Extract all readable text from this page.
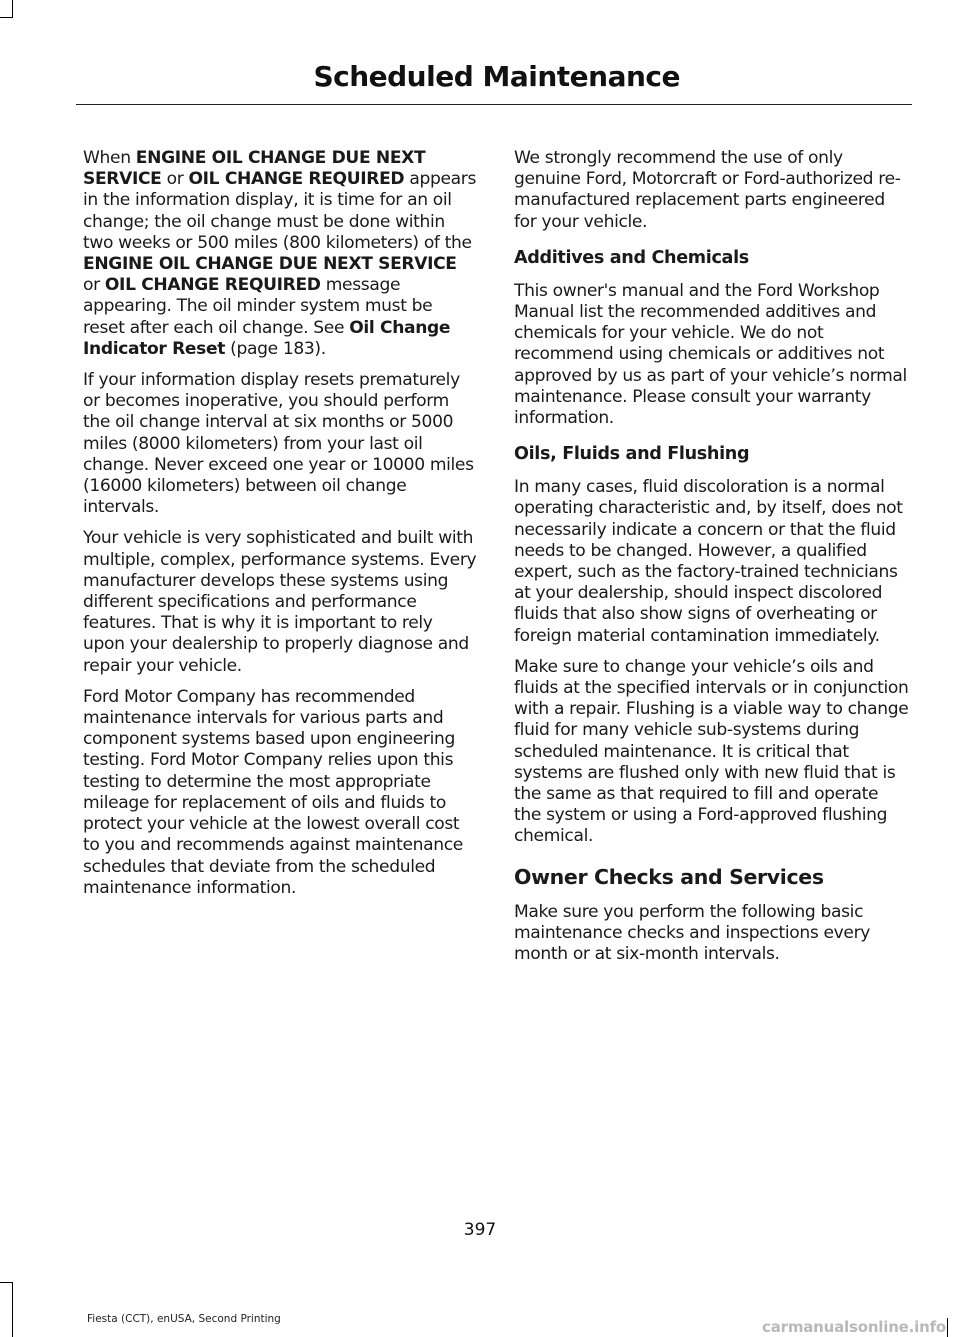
Scheduled Maintenance

When ENGINE OIL CHANGE DUE NEXT SERVICE or OIL CHANGE REQUIRED appears in the information display, it is time for an oil change; the oil change must be done within two weeks or 500 miles (800 kilometers) of the ENGINE OIL CHANGE DUE NEXT SERVICE or OIL CHANGE REQUIRED message appearing. The oil minder system must be reset after each oil change. See Oil Change Indicator Reset (page 183).

If your information display resets prematurely or becomes inoperative, you should perform the oil change interval at six months or 5000 miles (8000 kilometers) from your last oil change. Never exceed one year or 10000 miles (16000 kilometers) between oil change intervals.

Your vehicle is very sophisticated and built with multiple, complex, performance systems. Every manufacturer develops these systems using different specifications and performance features. That is why it is important to rely upon your dealership to properly diagnose and repair your vehicle.

Ford Motor Company has recommended maintenance intervals for various parts and component systems based upon engineering testing. Ford Motor Company relies upon this testing to determine the most appropriate mileage for replacement of oils and fluids to protect your vehicle at the lowest overall cost to you and recommends against maintenance schedules that deviate from the scheduled maintenance information.

We strongly recommend the use of only genuine Ford, Motorcraft or Ford-authorized re-manufactured replacement parts engineered for your vehicle.

Additives and Chemicals

This owner's manual and the Ford Workshop Manual list the recommended additives and chemicals for your vehicle. We do not recommend using chemicals or additives not approved by us as part of your vehicle’s normal maintenance. Please consult your warranty information.

Oils, Fluids and Flushing

In many cases, fluid discoloration is a normal operating characteristic and, by itself, does not necessarily indicate a concern or that the fluid needs to be changed. However, a qualified expert, such as the factory-trained technicians at your dealership, should inspect discolored fluids that also show signs of overheating or foreign material contamination immediately.

Make sure to change your vehicle’s oils and fluids at the specified intervals or in conjunction with a repair. Flushing is a viable way to change fluid for many vehicle sub-systems during scheduled maintenance. It is critical that systems are flushed only with new fluid that is the same as that required to fill and operate the system or using a Ford-approved flushing chemical.

Owner Checks and Services

Make sure you perform the following basic maintenance checks and inspections every month or at six-month intervals.

397
Fiesta (CCT), enUSA, Second Printing	carmanualsonline.info
